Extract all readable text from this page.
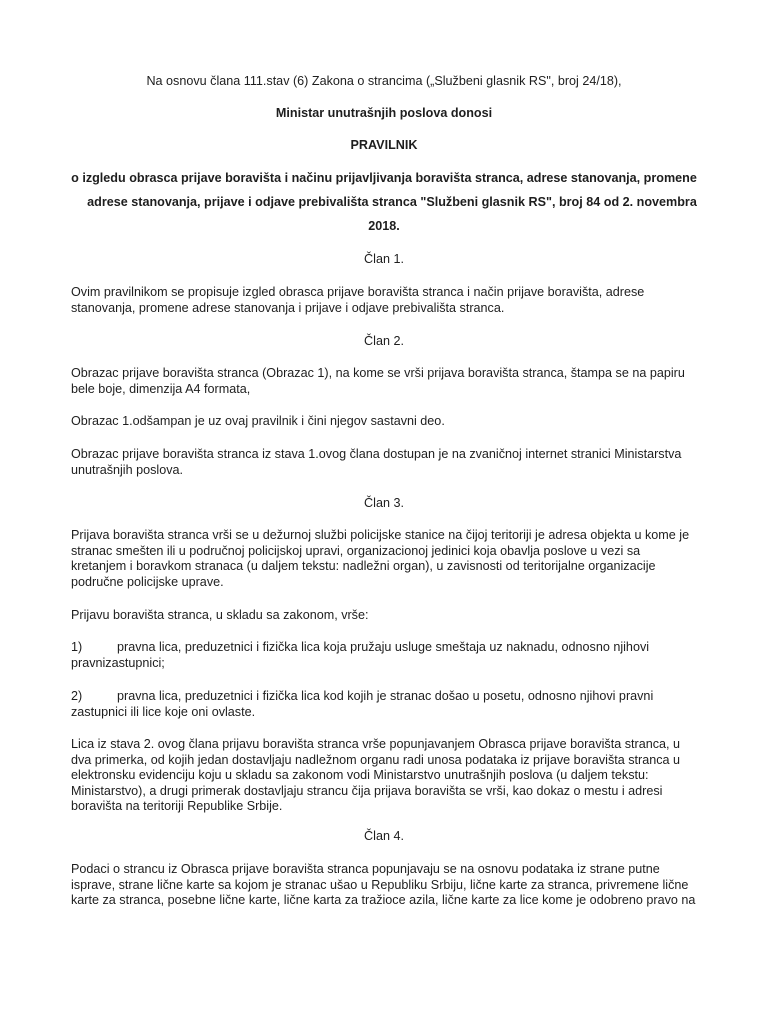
Na osnovu člana 111.stav (6) Zakona o strancima („Službeni glasnik RS", broj 24/18),
Ministar unutrašnjih poslova donosi
PRAVILNIK
o izgledu obrasca prijave boravišta i načinu prijavljivanja boravišta stranca, adrese stanovanja, promene
adrese stanovanja, prijave i odjave prebivališta stranca "Službeni glasnik RS", broj 84 od 2. novembra
2018.
Član 1.
Ovim pravilnikom se propisuje izgled obrasca prijave boravišta stranca i način prijave boravišta, adrese
stanovanja, promene adrese stanovanja i prijave i odjave prebivališta stranca.
Član 2.
Obrazac prijave boravišta stranca (Obrazac 1), na kome se vrši prijava boravišta stranca, štampa se na papiru
bele boje, dimenzija A4 formata,
Obrazac 1.odšampan je uz ovaj pravilnik i čini njegov sastavni deo.
Obrazac prijave boravišta stranca iz stava 1.ovog člana dostupan je na zvaničnoj internet stranici Ministarstva
unutrašnjih poslova.
Član 3.
Prijava boravišta stranca vrši se u dežurnoj službi policijske stanice na čijoj teritoriji je adresa objekta u kome je
stranac smešten ili u područnoj policijskoj upravi, organizacionoj jedinici koja obavlja poslove u vezi sa
kretanjem i boravkom stranaca (u daljem tekstu: nadležni organ), u zavisnosti od teritorijalne organizacije
područne policijske uprave.
Prijavu boravišta stranca, u skladu sa zakonom, vrše:
1)	pravna lica, preduzetnici i fizička lica koja pružaju usluge smeštaja uz naknadu, odnosno njihovi
pravnizastupnici;
2)	pravna lica, preduzetnici i fizička lica kod kojih je stranac došao u posetu, odnosno njihovi pravni
zastupnici ili lice koje oni ovlaste.
Lica iz stava 2. ovog člana prijavu boravišta stranca vrše popunjavanjem Obrasca prijave boravišta stranca, u
dva primerka, od kojih jedan dostavljaju nadležnom organu radi unosa podataka iz prijave boravišta stranca u
elektronsku evidenciju koju u skladu sa zakonom vodi Ministarstvo unutrašnjih poslova (u daljem tekstu:
Ministarstvo), a drugi primerak dostavljaju strancu čija prijava boravišta se vrši, kao dokaz o mestu i adresi
boravišta na teritoriji Republike Srbije.
Član 4.
Podaci o strancu iz Obrasca prijave boravišta stranca popunjavaju se na osnovu podataka iz strane putne
isprave, strane lične karte sa kojom je stranac ušao u Republiku Srbiju, lične karte za stranca, privremene lične
karte za stranca, posebne lične karte, lične karta za tražioce azila, lične karte za lice kome je odobreno pravo na
